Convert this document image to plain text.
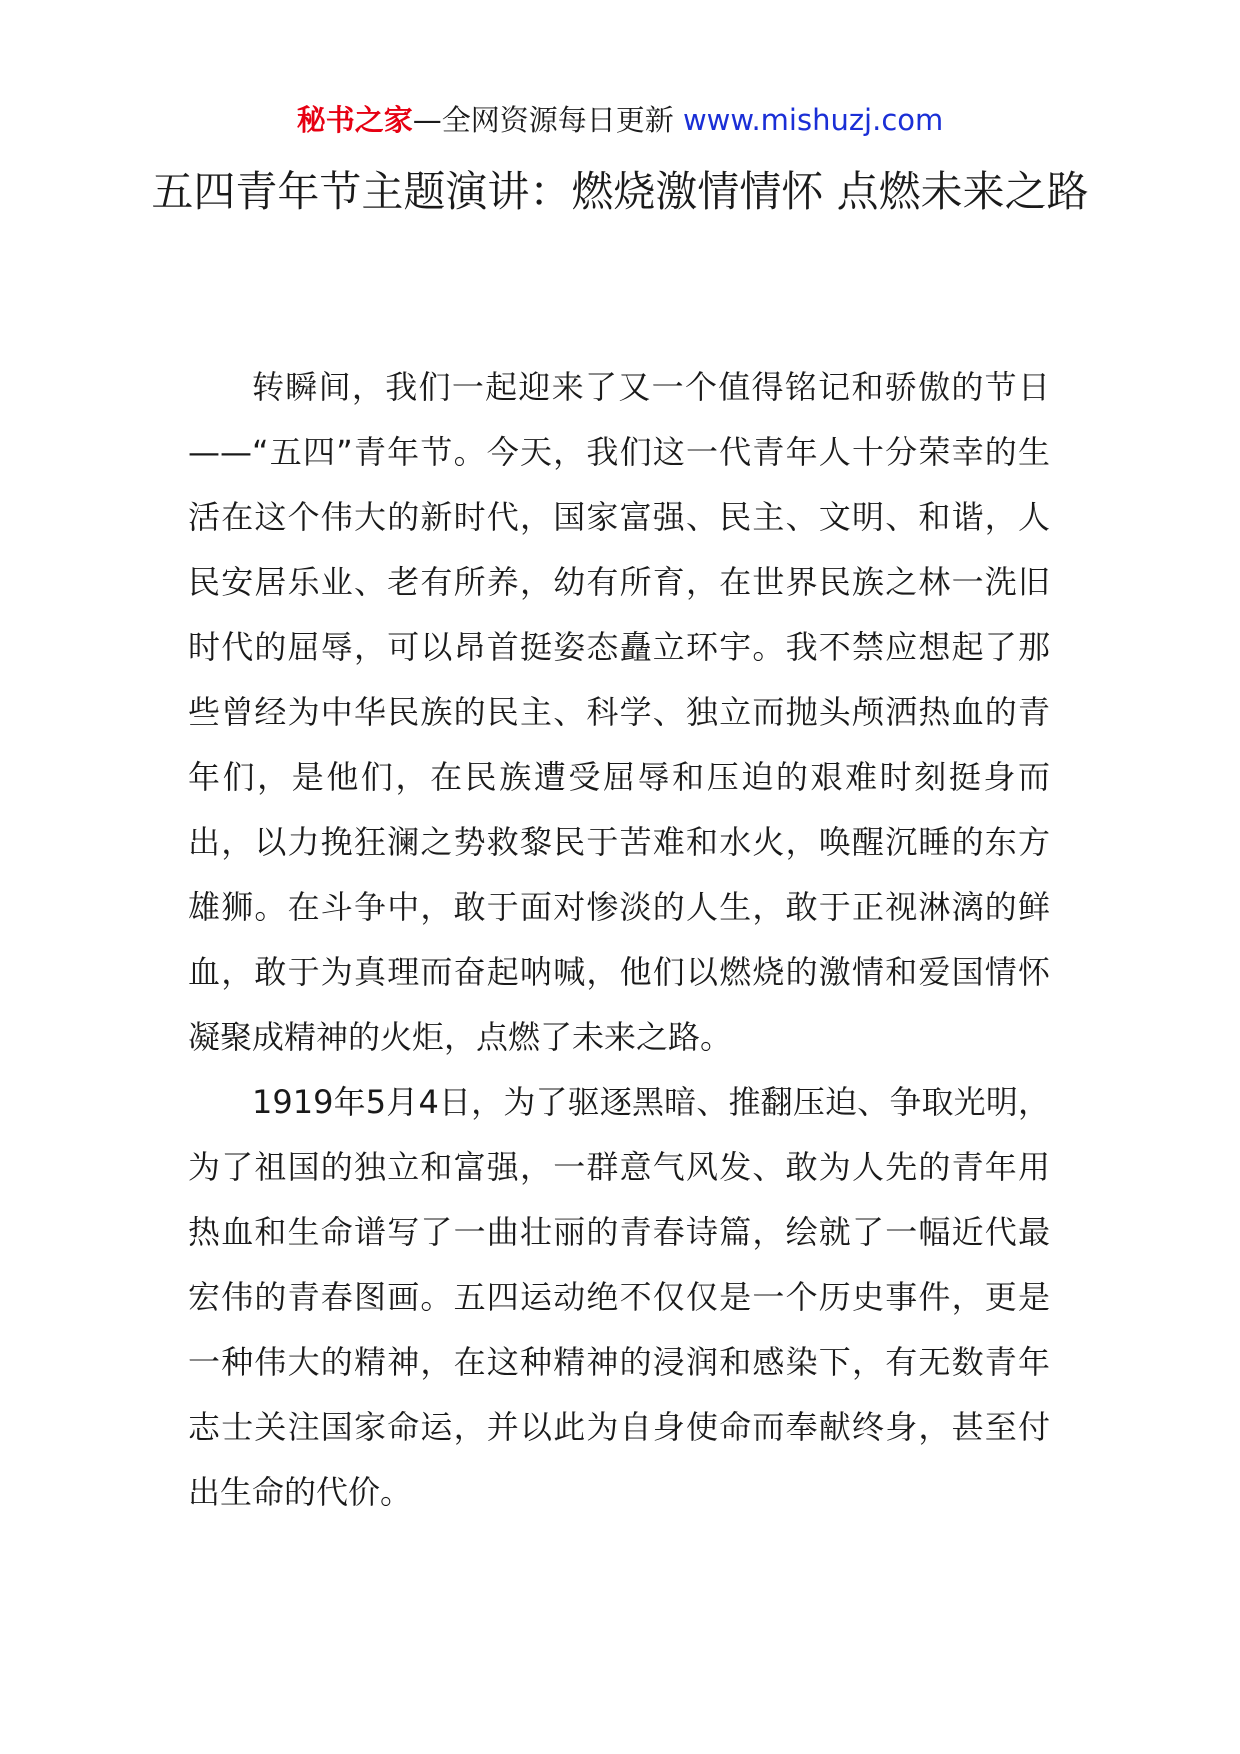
秘书之家—全网资源每日更新 www.mishuzj.com
五四青年节主题演讲：燃烧激情情怀 点燃未来之路

转瞬间，我们一起迎来了又一个值得铭记和骄傲的节日——“五四”青年节。今天，我们这一代青年人十分荣幸的生活在这个伟大的新时代，国家富强、民主、文明、和谐，人民安居乐业、老有所养，幼有所育，在世界民族之林一洗旧时代的屈辱，可以昂首挺姿态矗立环宇。我不禁应想起了那些曾经为中华民族的民主、科学、独立而抛头颅洒热血的青年们，是他们，在民族遭受屈辱和压迫的艰难时刻挺身而出，以力挽狂澜之势救黎民于苦难和水火，唤醒沉睡的东方雄狮。在斗争中，敢于面对惨淡的人生，敢于正视淋漓的鲜血，敢于为真理而奋起呐喊，他们以燃烧的激情和爱国情怀凝聚成精神的火炬，点燃了未来之路。

1919年5月4日，为了驱逐黑暗、推翻压迫、争取光明，为了祖国的独立和富强，一群意气风发、敢为人先的青年用热血和生命谱写了一曲壮丽的青春诗篇，绘就了一幅近代最宏伟的青春图画。五四运动绝不仅仅是一个历史事件，更是一种伟大的精神，在这种精神的浸润和感染下，有无数青年志士关注国家命运，并以此为自身使命而奉献终身，甚至付出生命的代价。
